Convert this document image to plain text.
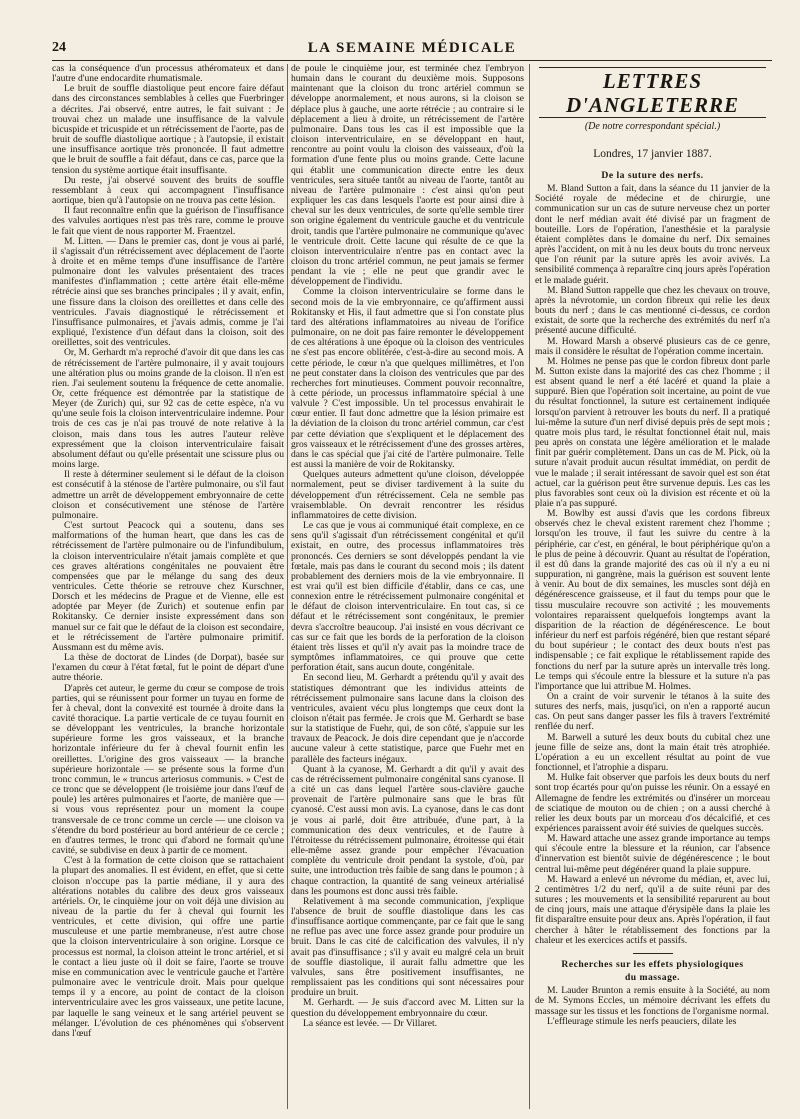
24	LA SEMAINE MÉDICALE

cas la conséquence d'un processus athéromateux et dans l'autre d'une endocardite rhumatismale.

Le bruit de souffle diastolique peut encore faire défaut dans des circonstances semblables à celles que Fuerbringer a décrites. J'ai observé, entre autres, le fait suivant : Je trouvai chez un malade une insuffisance de la valvule bicuspide et tricuspide et un rétrécissement de l'aorte, pas de bruit de souffle diastolique aortique ; à l'autopsie, il existait une insuffisance aortique très prononcée. Il faut admettre que le bruit de souffle a fait défaut, dans ce cas, parce que la tension du système aortique était insuffisante.

Du reste, j'ai observé souvent des bruits de souffle ressemblant à ceux qui accompagnent l'insuffisance aortique, bien qu'à l'autopsie on ne trouva pas cette lésion.

Il faut reconnaître enfin que la guérison de l'insuffisance des valvules aortiques n'est pas très rare, comme le prouve le fait que vient de nous rapporter M. Fraentzel.

M. Litten. — Dans le premier cas, dont je vous ai parlé, il s'agissait d'un rétrécissement avec déplacement de l'aorte à droite et en même temps d'une insuffisance de l'artère pulmonaire dont les valvules présentaient des traces manifestes d'inflammation ; cette artère était elle-même rétrécie ainsi que ses branches principales ; il y avait, enfin, une fissure dans la cloison des oreillettes et dans celle des ventricules. J'avais diagnostiqué le rétrécissement et l'insuffisance pulmonaires, et j'avais admis, comme je l'ai expliqué, l'existence d'un défaut dans la cloison, soit des oreillettes, soit des ventricules.

Or, M. Gerhardt m'a reproché d'avoir dit que dans les cas de rétrécissement de l'artère pulmonaire, il y avait toujours une altération plus ou moins grande de la cloison. Il n'en est rien. J'ai seulement soutenu la fréquence de cette anomalie. Or, cette fréquence est démontrée par la statistique de Meyer (de Zurich) qui, sur 92 cas de cette espèce, n'a vu qu'une seule fois la cloison interventriculaire indemne. Pour trois de ces cas je n'ai pas trouvé de note relative à la cloison, mais dans tous les autres l'auteur relève expressément que la cloison interventriculaire faisait absolument défaut ou qu'elle présentait une scissure plus ou moins large.

Il reste à déterminer seulement si le défaut de la cloison est consécutif à la sténose de l'artère pulmonaire, ou s'il faut admettre un arrêt de développement embryonnaire de cette cloison et consécutivement une sténose de l'artère pulmonaire.

C'est surtout Peacock qui a soutenu, dans ses malformations of the human heart, que dans les cas de rétrécissement de l'artère pulmonaire ou de l'infundibulum, la cloison interventriculaire n'était jamais complète et que ces graves altérations congénitales ne pouvaient être compensées que par le mélange du sang des deux ventricules. Cette théorie se retrouve chez Kurschner, Dorsch et les médecins de Prague et de Vienne, elle est adoptée par Meyer (de Zurich) et soutenue enfin par Rokitansky. Ce dernier insiste expressément dans son manuel sur ce fait que le défaut de la cloison est secondaire, et le rétrécissement de l'artère pulmonaire primitif. Aussmann est du même avis.

La thèse de doctorat de Lindes (de Dorpat), basée sur l'examen du cœur à l'état fœtal, fut le point de départ d'une autre théorie.

D'après cet auteur, le germe du cœur se compose de trois parties, qui se réunissent pour former un tuyau en forme de fer à cheval, dont la convexité est tournée à droite dans la cavité thoracique. La partie verticale de ce tuyau fournit en se développant les ventricules, la branche horizontale supérieure forme les gros vaisseaux, et la branche horizontale inférieure du fer à cheval fournit enfin les oreillettes. L'origine des gros vaisseaux — la branche supérieure horizontale — se présente sous la forme d'un tronc commun, le « truncus arteriosus communis. » C'est de ce tronc que se développent (le troisième jour dans l'œuf de poule) les artères pulmonaires et l'aorte, de manière que — si vous vous représentez pour un moment la coupe transversale de ce tronc comme un cercle — une cloison va s'étendre du bord postérieur au bord antérieur de ce cercle ; en d'autres termes, le tronc qui d'abord ne formait qu'une cavité, se subdivise en deux à partir de ce moment.

C'est à la formation de cette cloison que se rattachaient la plupart des anomalies. Il est évident, en effet, que si cette cloison n'occupe pas la partie médiane, il y aura des altérations notables du calibre des deux gros vaisseaux artériels. Or, le cinquième jour on voit déjà une division au niveau de la partie du fer à cheval qui fournit les ventricules, et cette division, qui offre une partie musculeuse et une partie membraneuse, n'est autre chose que la cloison interventriculaire à son origine. Lorsque ce processus est normal, la cloison atteint le tronc artériel, et si le contact a lieu juste où il doit se faire, l'aorte se trouve mise en communication avec le ventricule gauche et l'artère pulmonaire avec le ventricule droit. Mais pour quelque temps il y a encore, au point de contact de la cloison interventriculaire avec les gros vaisseaux, une petite lacune, par laquelle le sang veineux et le sang artériel peuvent se mélanger. L'évolution de ces phénomènes qui s'observent dans l'œuf

de poule le cinquième jour, est terminée chez l'embryon humain dans le courant du deuxième mois. Supposons maintenant que la cloison du tronc artériel commun se développe anormalement, et nous aurons, si la cloison se déplace plus à gauche, une aorte rétrécie ; au contraire si le déplacement a lieu à droite, un rétrécissement de l'artère pulmonaire. Dans tous les cas il est impossible que la cloison interventriculaire, en se développant en haut, rencontre au point voulu la cloison des vaisseaux, d'où la formation d'une fente plus ou moins grande. Cette lacune qui établit une communication directe entre les deux ventricules, sera située tantôt au niveau de l'aorte, tantôt au niveau de l'artère pulmonaire : c'est ainsi qu'on peut expliquer les cas dans lesquels l'aorte est pour ainsi dire à cheval sur les deux ventricules, de sorte qu'elle semble tirer son origine également du ventricule gauche et du ventricule droit, tandis que l'artère pulmonaire ne communique qu'avec le ventricule droit. Cette lacune qui résulte de ce que la cloison interventriculaire n'entre pas en contact avec la cloison du tronc artériel commun, ne peut jamais se fermer pendant la vie ; elle ne peut que grandir avec le développement de l'individu.

Comme la cloison interventriculaire se forme dans le second mois de la vie embryonnaire, ce qu'affirment aussi Rokitansky et His, il faut admettre que si l'on constate plus tard des altérations inflammatoires au niveau de l'orifice pulmonaire, on ne doit pas faire remonter le développement de ces altérations à une époque où la cloison des ventricules ne s'est pas encore oblitérée, c'est-à-dire au second mois. A cette période, le cœur n'a que quelques millimètres, et l'on ne peut constater dans la cloison des ventricules que par des recherches fort minutieuses. Comment pouvoir reconnaître, à cette période, un processus inflammatoire spécial à une valvule ? C'est impossible. Un tel processus envahirait le cœur entier. Il faut donc admettre que la lésion primaire est la déviation de la cloison du tronc artériel commun, car c'est par cette déviation que s'expliquent et le déplacement des gros vaisseaux et le rétrécissement d'une des grosses artères, dans le cas spécial que j'ai cité de l'artère pulmonaire. Telle est aussi la manière de voir de Rokitansky.

Quelques auteurs admettent qu'une cloison, développée normalement, peut se diviser tardivement à la suite du développement d'un rétrécissement. Cela ne semble pas vraisemblable. On devrait rencontrer les résidus inflammatoires de cette division.

Le cas que je vous ai communiqué était complexe, en ce sens qu'il s'agissait d'un rétrécissement congénital et qu'il existait, en outre, des processus inflammatoires très prononcés. Ces derniers se sont développés pendant la vie fœtale, mais pas dans le courant du second mois ; ils datent probablement des derniers mois de la vie embryonnaire. Il est vrai qu'il est bien difficile d'établir, dans ce cas, une connexion entre le rétrécissement pulmonaire congénital et le défaut de cloison interventriculaire. En tout cas, si ce défaut et le rétrécissement sont congénitaux, le premier devra s'accroître beaucoup. J'ai insisté en vous décrivant ce cas sur ce fait que les bords de la perforation de la cloison étaient très lisses et qu'il n'y avait pas la moindre trace de symptômes inflammatoires, ce qui prouve que cette perforation était, sans aucun doute, congénitale.

En second lieu, M. Gerhardt a prétendu qu'il y avait des statistiques démontrant que les individus atteints de rétrécissement pulmonaire sans lacune dans la cloison des ventricules, avaient vécu plus longtemps que ceux dont la cloison n'était pas fermée. Je crois que M. Gerhardt se base sur la statistique de Fuehr, qui, de son côté, s'appuie sur les travaux de Peacock. Je dois dire cependant que je n'accorde aucune valeur à cette statistique, parce que Fuehr met en parallèle des facteurs inégaux.

Quant à la cyanose, M. Gerhardt a dit qu'il y avait des cas de rétrécissement pulmonaire congénital sans cyanose. Il a cité un cas dans lequel l'artère sous-clavière gauche provenait de l'artère pulmonaire sans que le bras fût cyanosé. C'est aussi mon avis. La cyanose, dans le cas dont je vous ai parlé, doit être attribuée, d'une part, à la communication des deux ventricules, et de l'autre à l'étroitesse du rétrécissement pulmonaire, étroitesse qui était elle-même assez grande pour empêcher l'évacuation complète du ventricule droit pendant la systole, d'où, par suite, une introduction très faible de sang dans le poumon ; à chaque contraction, la quantité de sang veineux artérialisé dans les poumons est donc aussi très faible.

Relativement à ma seconde communication, j'explique l'absence de bruit de souffle diastolique dans les cas d'insuffisance aortique commençante, par ce fait que le sang ne reflue pas avec une force assez grande pour produire un bruit. Dans le cas cité de calcification des valvules, il n'y avait pas d'insuffisance ; s'il y avait eu malgré cela un bruit de souffle diastolique, il aurait fallu admettre que les valvules, sans être positivement insuffisantes, ne remplissaient pas les conditions qui sont nécessaires pour produire un bruit.

M. Gerhardt. — Je suis d'accord avec M. Litten sur la question du développement embryonnaire du cœur.

La séance est levée. — Dr Villaret.

LETTRES D'ANGLETERRE
(De notre correspondant spécial.)
Londres, 17 janvier 1887.
De la suture des nerfs.

M. Bland Sutton a fait, dans la séance du 11 janvier de la Société royale de médecine et de chirurgie, une communication sur un cas de suture nerveuse chez un porter dont le nerf médian avait été divisé par un fragment de bouteille. Lors de l'opération, l'anesthésie et la paralysie étaient complètes dans le domaine du nerf. Dix semaines après l'accident, on mit à nu les deux bouts du tronc nerveux que l'on réunit par la suture après les avoir avivés. La sensibilité commença à reparaître cinq jours après l'opération et le malade guérit.

M. Bland Sutton rappelle que chez les chevaux on trouve, après la névrotomie, un cordon fibreux qui relie les deux bouts du nerf ; dans le cas mentionné ci-dessus, ce cordon existait, de sorte que la recherche des extrémités du nerf n'a présenté aucune difficulté.

M. Howard Marsh a observé plusieurs cas de ce genre, mais il considère le résultat de l'opération comme incertain.

M. Holmes ne pense pas que le cordon fibreux dont parle M. Sutton existe dans la majorité des cas chez l'homme ; il est absent quand le nerf a été lacéré et quand la plaie a suppuré. Bien que l'opération soit incertaine, au point de vue du résultat fonctionnel, la suture est certainement indiquée lorsqu'on parvient à retrouver les bouts du nerf. Il a pratiqué lui-même la suture d'un nerf divisé depuis près de sept mois ; quatre mois plus tard, le résultat fonctionnel était nul, mais peu après on constata une légère amélioration et le malade finit par guérir complètement. Dans un cas de M. Pick, où la suture n'avait produit aucun résultat immédiat, on perdit de vue le malade ; il serait intéressant de savoir quel est son état actuel, car la guérison peut être survenue depuis. Les cas les plus favorables sont ceux où la division est récente et où la plaie n'a pas suppuré.

M. Bowlby est aussi d'avis que les cordons fibreux observés chez le cheval existent rarement chez l'homme ; lorsqu'on les trouve, il faut les suivre du centre à la périphérie, car c'est, en général, le bout périphérique qu'on a le plus de peine à découvrir. Quant au résultat de l'opération, il est dû dans la grande majorité des cas où il n'y a eu ni suppuration, ni gangrène, mais la guérison est souvent lente à venir. Au bout de dix semaines, les muscles sont déjà en dégénérescence graisseuse, et il faut du temps pour que le tissu musculaire recouvre son activité ; les mouvements volontaires reparaissent quelquefois longtemps avant la disparition de la réaction de dégénérescence. Le bout inférieur du nerf est parfois régénéré, bien que restant séparé du bout supérieur ; le contact des deux bouts n'est pas indispensable ; ce fait explique le rétablissement rapide des fonctions du nerf par la suture après un intervalle très long. Le temps qui s'écoule entre la blessure et la suture n'a pas l'importance que lui attribue M. Holmes.

On a craint de voir survenir le tétanos à la suite des sutures des nerfs, mais, jusqu'ici, on n'en a rapporté aucun cas. On peut sans danger passer les fils à travers l'extrémité renflée du nerf.

M. Barwell a suturé les deux bouts du cubital chez une jeune fille de seize ans, dont la main était très atrophiée. L'opération a eu un excellent résultat au point de vue fonctionnel, et l'atrophie a disparu.

M. Hulke fait observer que parfois les deux bouts du nerf sont trop écartés pour qu'on puisse les réunir. On a essayé en Allemagne de fendre les extrémités ou d'insérer un morceau de sciatique de mouton ou de chien ; on a aussi cherché à relier les deux bouts par un morceau d'os décalcifié, et ces expériences paraissent avoir été suivies de quelques succès.

M. Haward attache une assez grande importance au temps qui s'écoule entre la blessure et la réunion, car l'absence d'innervation est bientôt suivie de dégénérescence ; le bout central lui-même peut dégénérer quand la plaie suppure.

M. Haward a enlevé un névrome du médian, et, avec lui, 2 centimètres 1/2 du nerf, qu'il a de suite réuni par des sutures ; les mouvements et la sensibilité reparurent au bout de cinq jours, mais une attaque d'érysipèle dans la plaie les fit disparaître ensuite pour deux ans. Après l'opération, il faut chercher à hâter le rétablissement des fonctions par la chaleur et les exercices actifs et passifs.

Recherches sur les effets physiologiques
du massage.

M. Lauder Brunton a remis ensuite à la Société, au nom de M. Symons Eccles, un mémoire décrivant les effets du massage sur les tissus et les fonctions de l'organisme normal.

L'effleurage stimule les nerfs peauciers, dilate les
